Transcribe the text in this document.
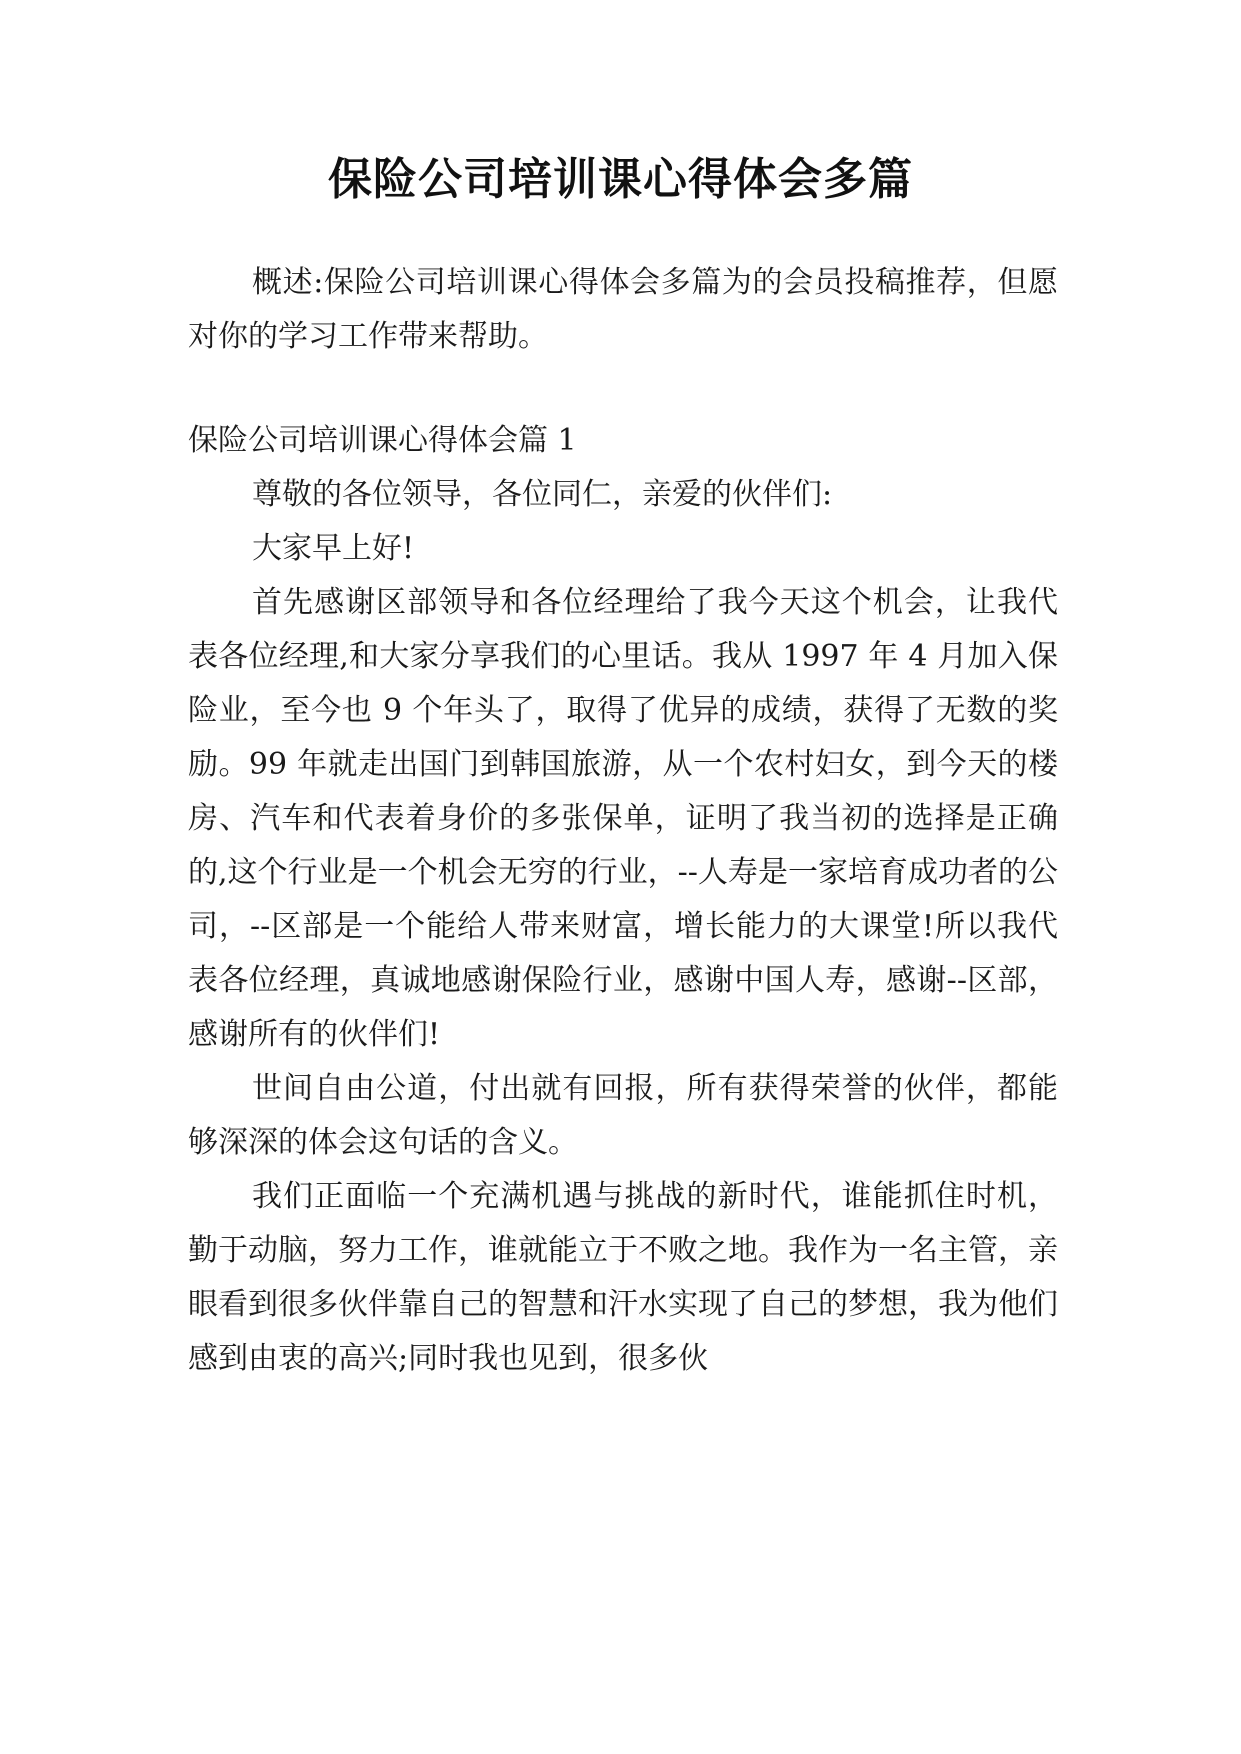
保险公司培训课心得体会多篇

概述:保险公司培训课心得体会多篇为的会员投稿推荐，但愿对你的学习工作带来帮助。

保险公司培训课心得体会篇 1

尊敬的各位领导，各位同仁，亲爱的伙伴们:

大家早上好!

首先感谢区部领导和各位经理给了我今天这个机会，让我代表各位经理,和大家分享我们的心里话。我从 1997 年 4 月加入保险业，至今也 9 个年头了，取得了优异的成绩，获得了无数的奖励。99 年就走出国门到韩国旅游，从一个农村妇女，到今天的楼房、汽车和代表着身价的多张保单，证明了我当初的选择是正确的,这个行业是一个机会无穷的行业，--人寿是一家培育成功者的公司，--区部是一个能给人带来财富，增长能力的大课堂!所以我代表各位经理，真诚地感谢保险行业，感谢中国人寿，感谢--区部，感谢所有的伙伴们!

世间自由公道，付出就有回报，所有获得荣誉的伙伴，都能够深深的体会这句话的含义。

我们正面临一个充满机遇与挑战的新时代，谁能抓住时机，勤于动脑，努力工作，谁就能立于不败之地。我作为一名主管，亲眼看到很多伙伴靠自己的智慧和汗水实现了自己的梦想，我为他们感到由衷的高兴;同时我也见到，很多伙
